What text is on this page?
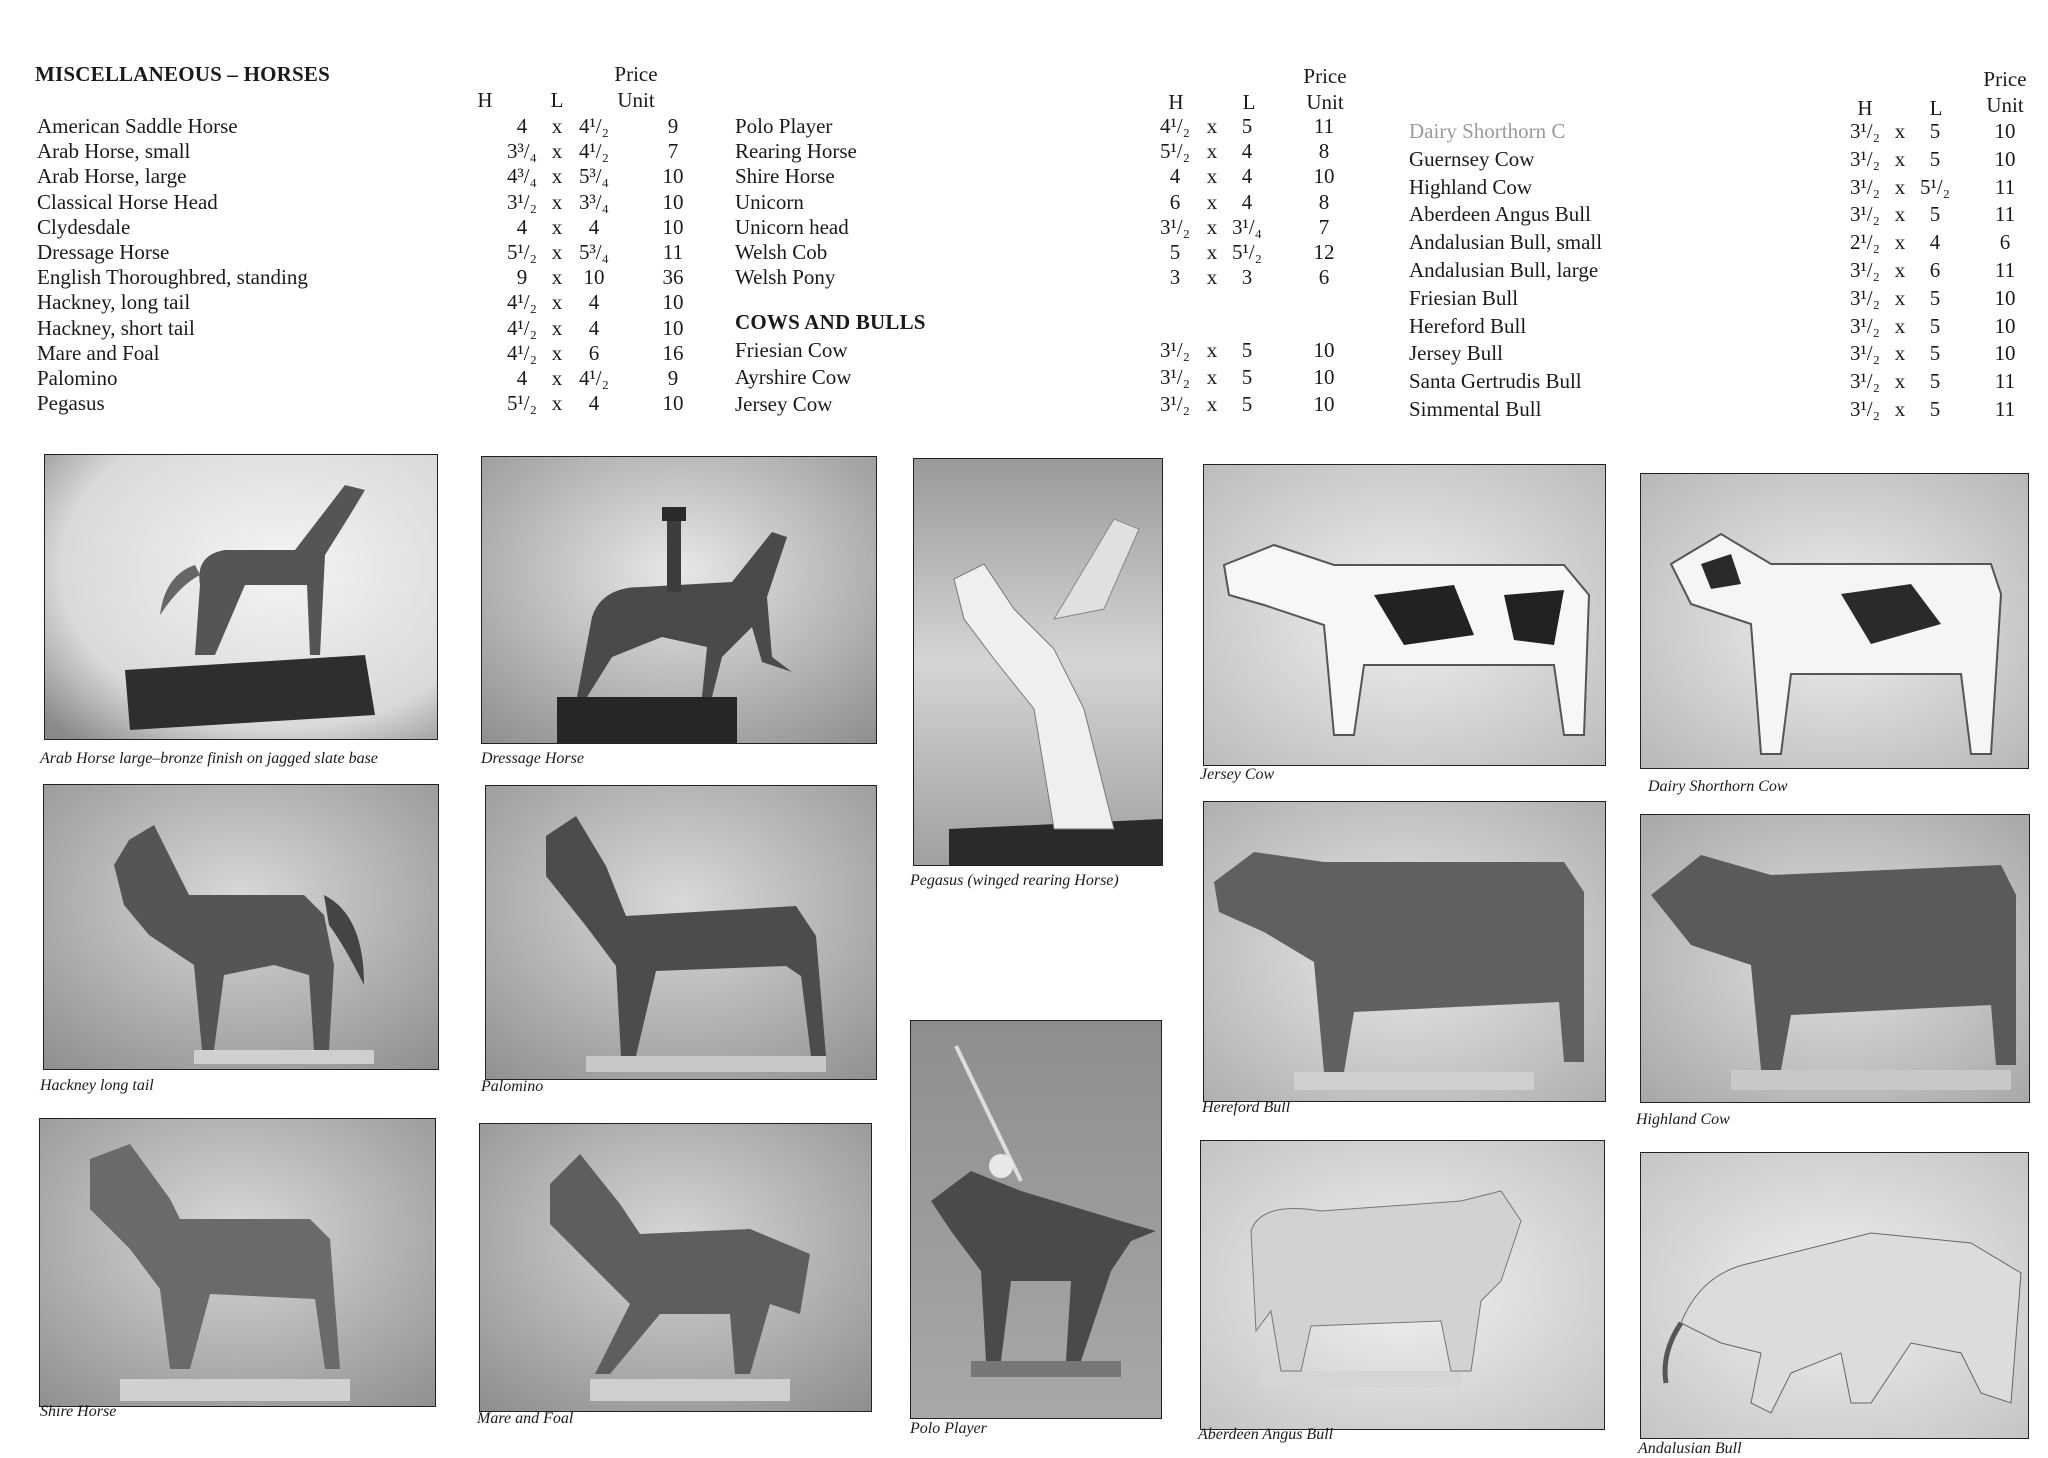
MISCELLANEOUS – HORSES	Price
H	L	Unit
American Saddle Horse	4	x 4¹/₂	9
Arab Horse, small	3³/₄ x 4¹/₂	7
Arab Horse, large	4³/₄ x 5³/₄	10
Classical Horse Head	3¹/₂ x 3³/₄	10
Clydesdale	4	x	4	10
Dressage Horse	5¹/₂ x 5³/₄	11
English Thoroughbred, standing	9	x	10	36
Hackney, long tail	4¹/₂ x	4	10
Hackney, short tail	4¹/₂ x	4	10
Mare and Foal	4¹/₂ x	6	16
Palomino	4	x 4¹/₂	9
Pegasus	5¹/₂ x	4	10
Price
H	L	Unit
Polo Player	4¹/₂ x	5	11
Rearing Horse	5¹/₂ x	4	8
Shire Horse	4	x	4	10
Unicorn	6	x	4	8
Unicorn head	3¹/₂ x 3¹/₄	7
Welsh Cob	5	x 5¹/₂	12
Welsh Pony	3	x	3	6
COWS AND BULLS
Friesian Cow	3¹/₂ x	5	10
Ayrshire Cow	3¹/₂ x	5	10
Jersey Cow	3¹/₂ x	5	10
Price
H	L	Unit
Dairy Shorthorn C	3¹/₂ x	5	10
Guernsey Cow	3¹/₂ x	5	10
Highland Cow	3¹/₂ x 5¹/₂	11
Aberdeen Angus Bull	3¹/₂ x	5	11
Andalusian Bull, small	2¹/₂ x	4	6
Andalusian Bull, large	3¹/₂ x	6	11
Friesian Bull	3¹/₂ x	5	10
Hereford Bull	3¹/₂ x	5	10
Jersey Bull	3¹/₂ x	5	10
Santa Gertrudis Bull	3¹/₂ x	5	11
Simmental Bull	3¹/₂ x	5	11
Arab Horse large–bronze finish on jagged slate base	Dressage Horse
Pegasus (winged rearing Horse)
Jersey Cow
Dairy Shorthorn Cow
Hackney long tail	Palomino
Hereford Bull
Highland Cow
Shire Horse	Mare and Foal
Polo Player	Aberdeen Angus Bull
Andalusian Bull
